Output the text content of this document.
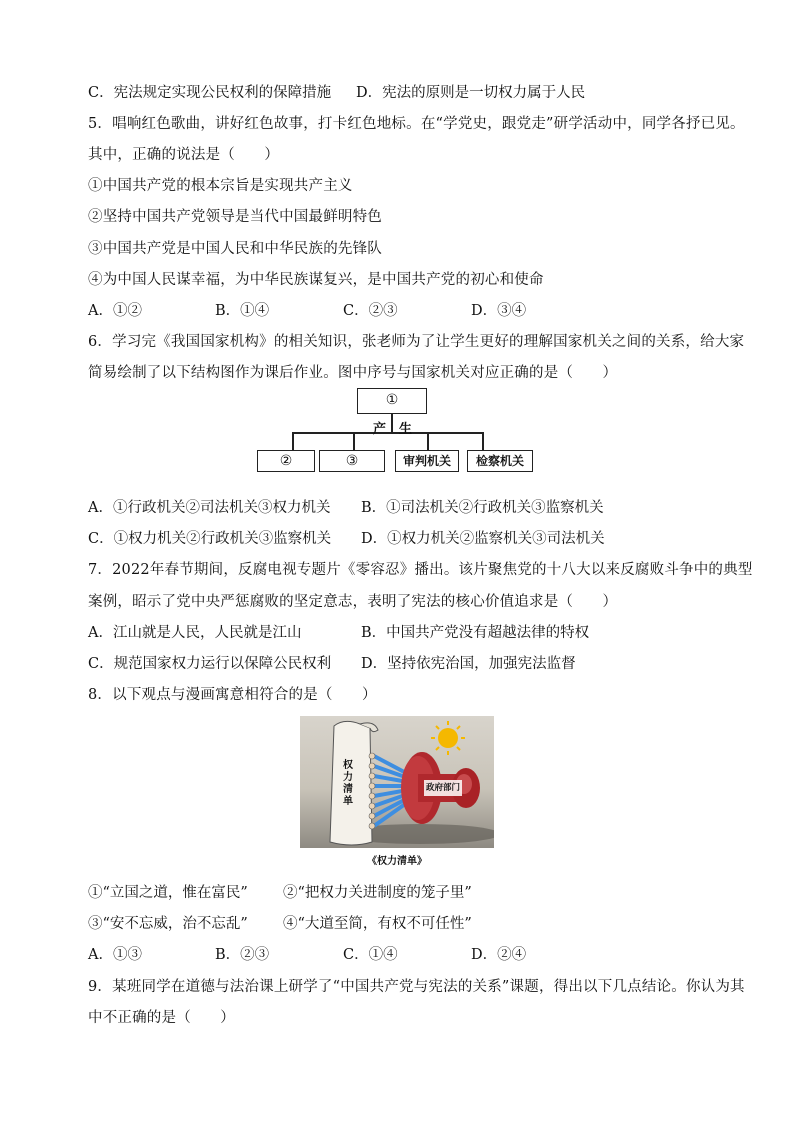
C．宪法规定实现公民权利的保障措施 D．宪法的原则是一切权力属于人民
5．唱响红色歌曲，讲好红色故事，打卡红色地标。在“学党史，跟党走”研学活动中，同学各抒已见。
其中，正确的说法是（　　）
①中国共产党的根本宗旨是实现共产主义
②坚持中国共产党领导是当代中国最鲜明特色
③中国共产党是中国人民和中华民族的先锋队
④为中国人民谋幸福，为中华民族谋复兴，是中国共产党的初心和使命
A．①②	B．①④	C．②③	D．③④
6．学习完《我国国家机构》的相关知识，张老师为了让学生更好的理解国家机关之间的关系，给大家
简易绘制了以下结构图作为课后作业。图中序号与国家机关对应正确的是（　　）
①
产 生
②	③	审判机关	检察机关
A．①行政机关②司法机关③权力机关 B．①司法机关②行政机关③监察机关
C．①权力机关②行政机关③监察机关 D．①权力机关②监察机关③司法机关
7．2022年春节期间，反腐电视专题片《零容忍》播出。该片聚焦党的十八大以来反腐败斗争中的典型
案例，昭示了党中央严惩腐败的坚定意志，表明了宪法的核心价值追求是（　　）
A．江山就是人民，人民就是江山	B．中国共产党没有超越法律的特权
C．规范国家权力运行以保障公民权利 D．坚持依宪治国，加强宪法监督
8．以下观点与漫画寓意相符合的是（　　）
权
力
清
单
政府部门
《权力清单》
①“立国之道，惟在富民” ②“把权力关进制度的笼子里”
③“安不忘威，治不忘乱” ④“大道至简，有权不可任性”
A．①③	B．②③	C．①④	D．②④
9．某班同学在道德与法治课上研学了“中国共产党与宪法的关系”课题，得出以下几点结论。你认为其
中不正确的是（　　）
